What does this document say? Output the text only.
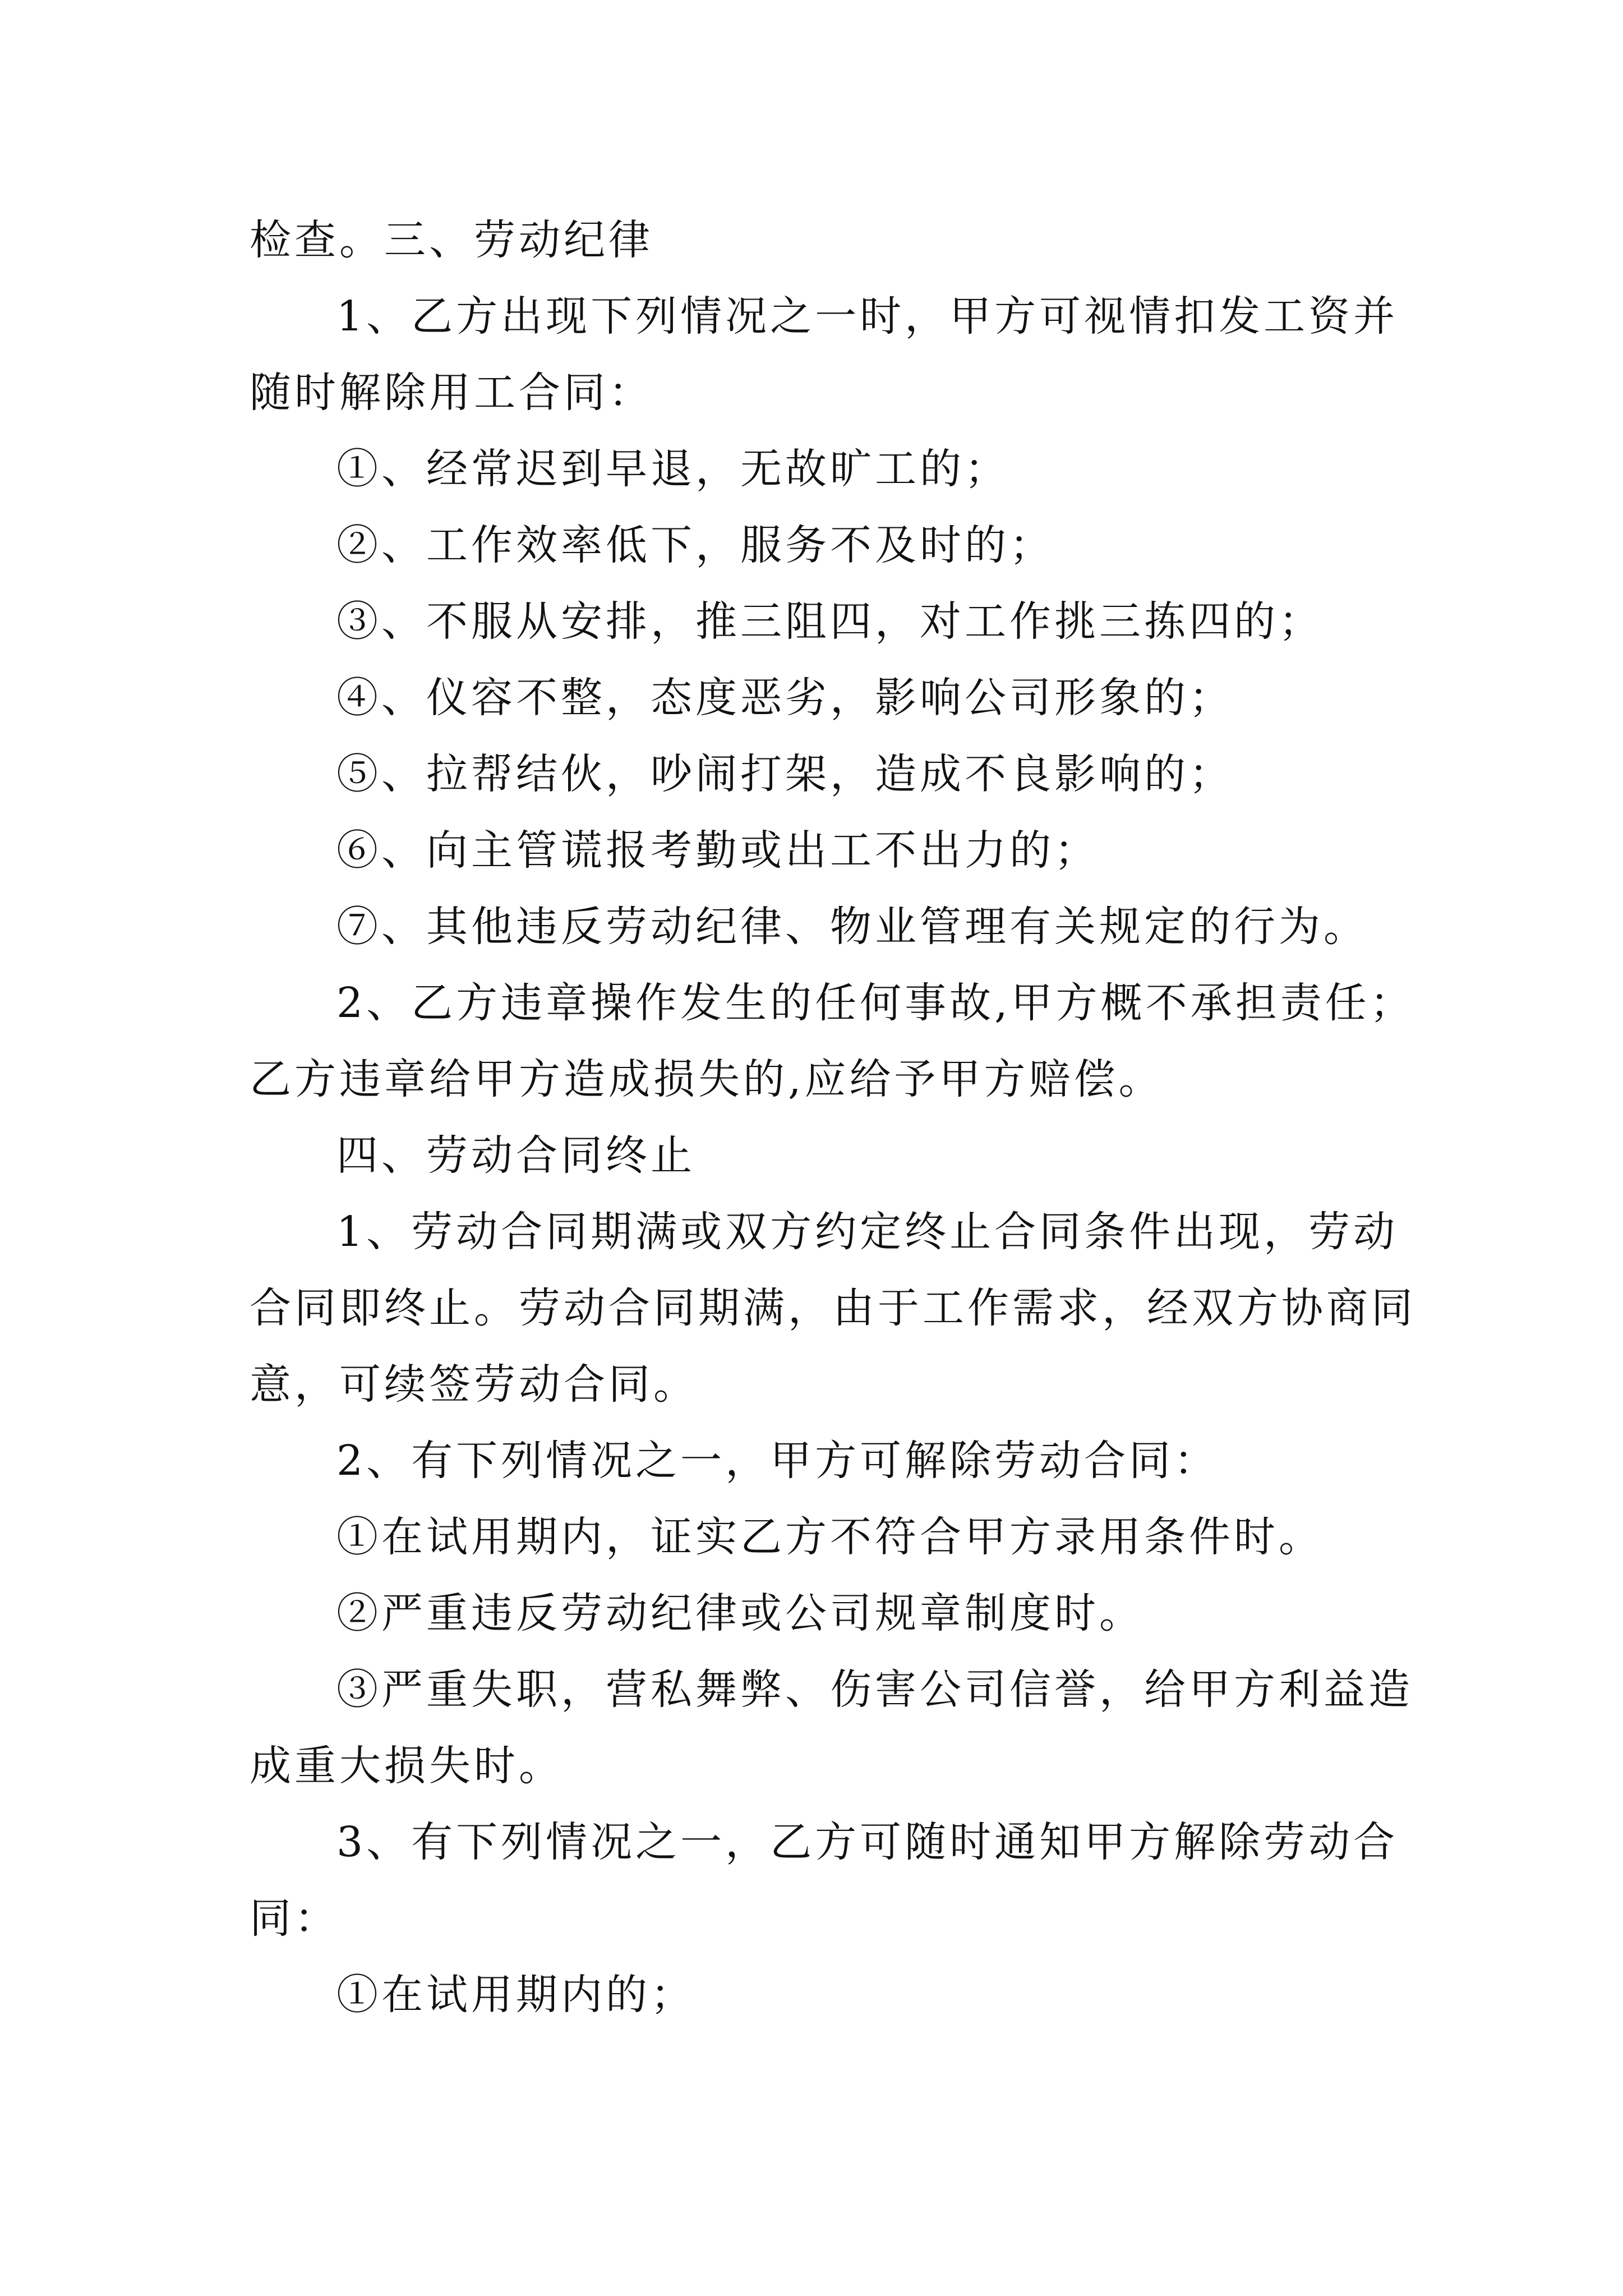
检查。三、劳动纪律
1、乙方出现下列情况之一时，甲方可视情扣发工资并
随时解除用工合同：
①、经常迟到早退，无故旷工的；
②、工作效率低下，服务不及时的；
③、不服从安排，推三阻四，对工作挑三拣四的；
④、仪容不整，态度恶劣，影响公司形象的；
⑤、拉帮结伙，吵闹打架，造成不良影响的；
⑥、向主管谎报考勤或出工不出力的；
⑦、其他违反劳动纪律、物业管理有关规定的行为。
2、乙方违章操作发生的任何事故,甲方概不承担责任；
乙方违章给甲方造成损失的,应给予甲方赔偿。
四、劳动合同终止
1、劳动合同期满或双方约定终止合同条件出现，劳动
合同即终止。劳动合同期满，由于工作需求，经双方协商同
意，可续签劳动合同。
2、有下列情况之一，甲方可解除劳动合同：
①在试用期内，证实乙方不符合甲方录用条件时。
②严重违反劳动纪律或公司规章制度时。
③严重失职，营私舞弊、伤害公司信誉，给甲方利益造
成重大损失时。
3、有下列情况之一，乙方可随时通知甲方解除劳动合
同：
①在试用期内的；
